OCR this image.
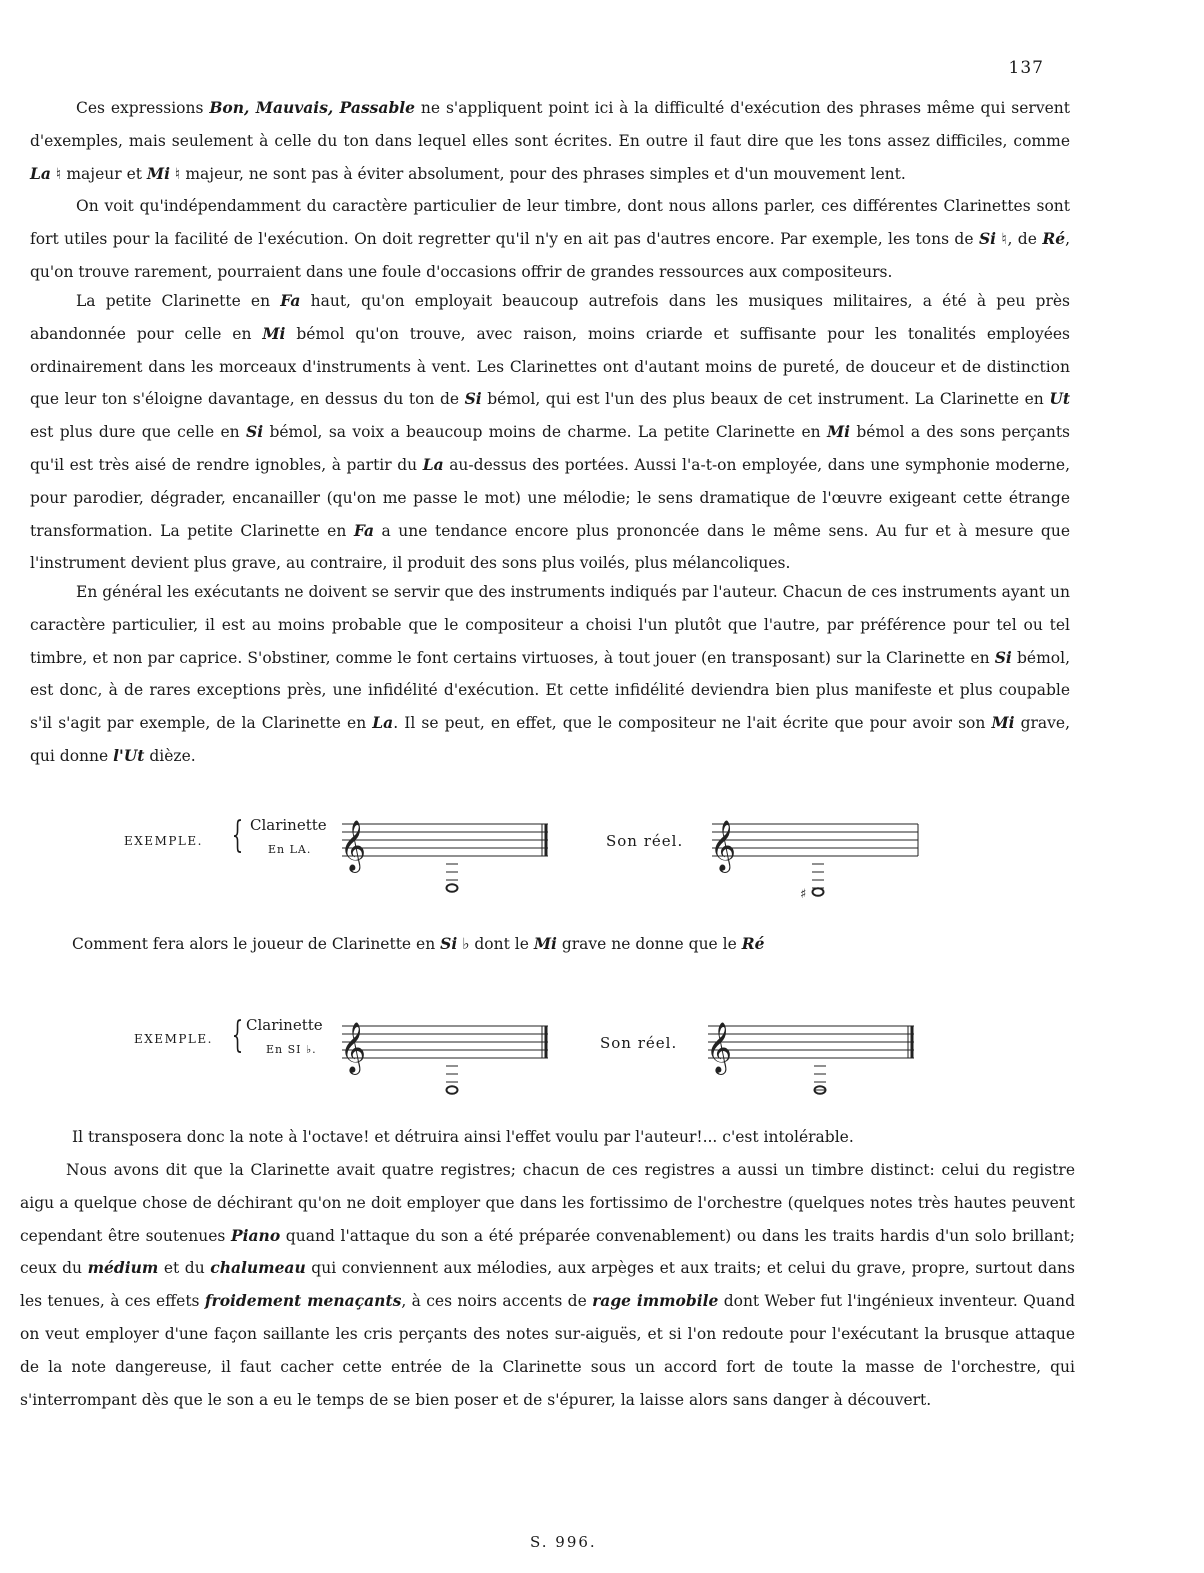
137

Ces expressions Bon, Mauvais, Passable ne s'appliquent point ici à la difficulté d'exécution des phrases même qui servent d'exemples, mais seulement à celle du ton dans lequel elles sont écrites. En outre il faut dire que les tons assez difficiles, comme La ♮ majeur et Mi ♮ majeur, ne sont pas à éviter absolument, pour des phrases simples et d'un mouvement lent.

On voit qu'indépendamment du caractère particulier de leur timbre, dont nous allons parler, ces différentes Clarinettes sont fort utiles pour la facilité de l'exécution. On doit regretter qu'il n'y en ait pas d'autres encore. Par exemple, les tons de Si ♮, de Ré, qu'on trouve rarement, pourraient dans une foule d'occasions offrir de grandes ressources aux compositeurs.

La petite Clarinette en Fa haut, qu'on employait beaucoup autrefois dans les musiques militaires, a été à peu près abandonnée pour celle en Mi bémol qu'on trouve, avec raison, moins criarde et suffisante pour les tonalités employées ordinairement dans les morceaux d'instruments à vent. Les Clarinettes ont d'autant moins de pureté, de douceur et de distinction que leur ton s'éloigne davantage, en dessus du ton de Si bémol, qui est l'un des plus beaux de cet instrument. La Clarinette en Ut est plus dure que celle en Si bémol, sa voix a beaucoup moins de charme. La petite Clarinette en Mi bémol a des sons perçants qu'il est très aisé de rendre ignobles, à partir du La au-dessus des portées. Aussi l'a-t-on employée, dans une symphonie moderne, pour parodier, dégrader, encanailler (qu'on me passe le mot) une mélodie; le sens dramatique de l'œuvre exigeant cette étrange transformation. La petite Clarinette en Fa a une tendance encore plus prononcée dans le même sens. Au fur et à mesure que l'instrument devient plus grave, au contraire, il produit des sons plus voilés, plus mélancoliques.

En général les exécutants ne doivent se servir que des instruments indiqués par l'auteur. Chacun de ces instruments ayant un caractère particulier, il est au moins probable que le compositeur a choisi l'un plutôt que l'autre, par préférence pour tel ou tel timbre, et non par caprice. S'obstiner, comme le font certains virtuoses, à tout jouer (en transposant) sur la Clarinette en Si bémol, est donc, à de rares exceptions près, une infidélité d'exécution. Et cette infidélité deviendra bien plus manifeste et plus coupable s'il s'agit par exemple, de la Clarinette en La. Il se peut, en effet, que le compositeur ne l'ait écrite que pour avoir son Mi grave, qui donne l'Ut dièze.

EXEMPLE. { Clarinette
En LA. 𝄞	Son réel. 𝄞
♯

Comment fera alors le joueur de Clarinette en Si ♭ dont le Mi grave ne donne que le Ré

EXEMPLE. { Clarinette
En SI ♭. 𝄞	Son réel. 𝄞

Il transposera donc la note à l'octave! et détruira ainsi l'effet voulu par l'auteur!... c'est intolérable.

Nous avons dit que la Clarinette avait quatre registres; chacun de ces registres a aussi un timbre distinct: celui du registre aigu a quelque chose de déchirant qu'on ne doit employer que dans les fortissimo de l'orchestre (quelques notes très hautes peuvent cependant être soutenues Piano quand l'attaque du son a été préparée convenablement) ou dans les traits hardis d'un solo brillant; ceux du médium et du chalumeau qui conviennent aux mélodies, aux arpèges et aux traits; et celui du grave, propre, surtout dans les tenues, à ces effets froidement menaçants, à ces noirs accents de rage immobile dont Weber fut l'ingénieux inventeur. Quand on veut employer d'une façon saillante les cris perçants des notes sur-aiguës, et si l'on redoute pour l'exécutant la brusque attaque de la note dangereuse, il faut cacher cette entrée de la Clarinette sous un accord fort de toute la masse de l'orchestre, qui s'interrompant dès que le son a eu le temps de se bien poser et de s'épurer, la laisse alors sans danger à découvert.

S. 996.
